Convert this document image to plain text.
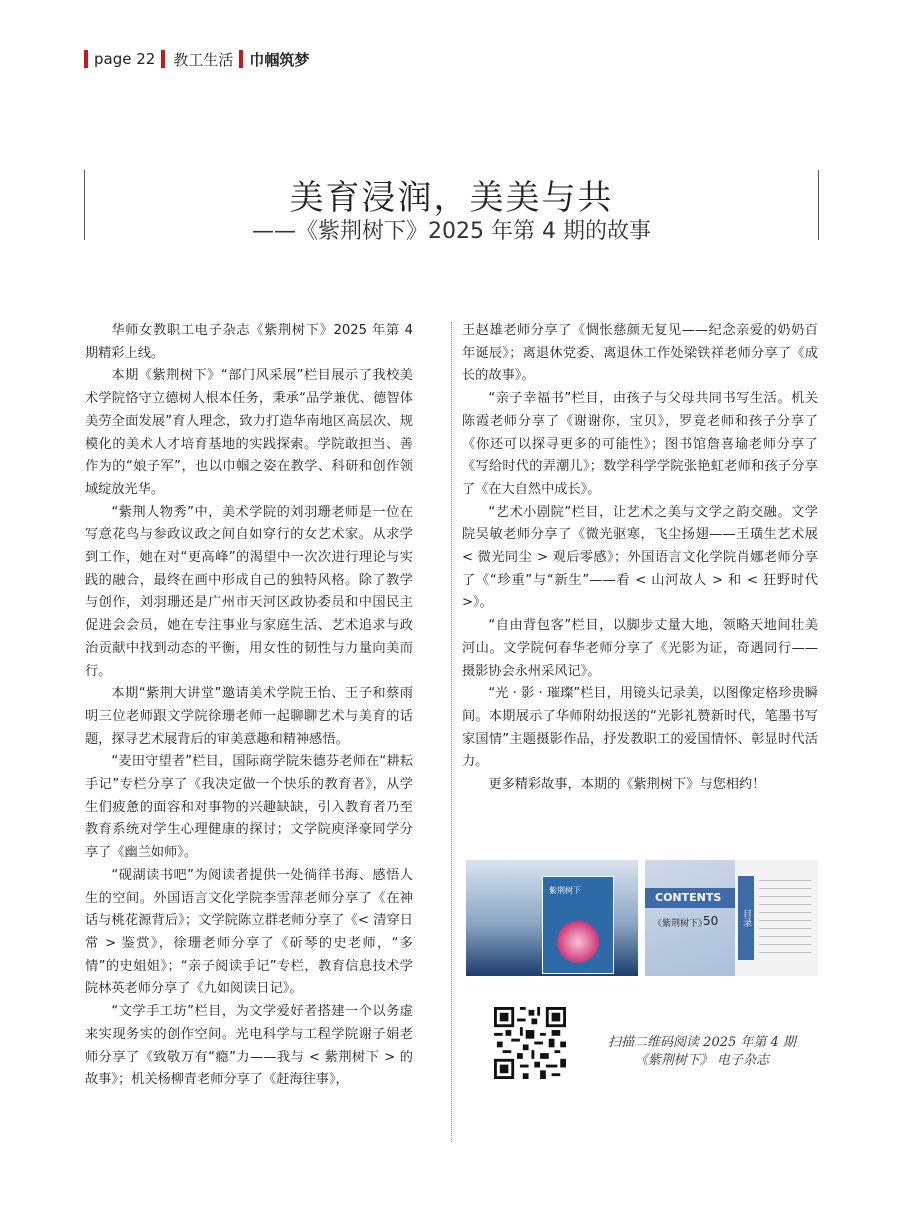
page 22 教工生活 巾帼筑梦
美育浸润，美美与共
——《紫荆树下》2025 年第 4 期的故事

华师女教职工电子杂志《紫荆树下》2025 年第 4 期精彩上线。

本期《紫荆树下》“部门风采展”栏目展示了我校美术学院恪守立德树人根本任务，秉承“品学兼优、德智体美劳全面发展”育人理念，致力打造华南地区高层次、规模化的美术人才培育基地的实践探索。学院敢担当、善作为的“娘子军”，也以巾帼之姿在教学、科研和创作领域绽放光华。

“紫荆人物秀”中，美术学院的刘羽珊老师是一位在写意花鸟与参政议政之间自如穿行的女艺术家。从求学到工作，她在对“更高峰”的渴望中一次次进行理论与实践的融合，最终在画中形成自己的独特风格。除了教学与创作，刘羽珊还是广州市天河区政协委员和中国民主促进会会员，她在专注事业与家庭生活、艺术追求与政治贡献中找到动态的平衡，用女性的韧性与力量向美而行。

本期“紫荆大讲堂”邀请美术学院王怡、王子和蔡雨明三位老师跟文学院徐珊老师一起聊聊艺术与美育的话题，探寻艺术展背后的审美意趣和精神感悟。

“麦田守望者”栏目，国际商学院朱德芬老师在“耕耘手记”专栏分享了《我决定做一个快乐的教育者》，从学生们疲惫的面容和对事物的兴趣缺缺，引入教育者乃至教育系统对学生心理健康的探讨；文学院庾泽豪同学分享了《幽兰如师》。

“砚湖读书吧”为阅读者提供一处徜徉书海、感悟人生的空间。外国语言文化学院李雪萍老师分享了《在神话与桃花源背后》；文学院陈立群老师分享了《< 清穿日常 > 鉴赏》，徐珊老师分享了《斫琴的史老师，“多情”的史姐姐》；“亲子阅读手记”专栏，教育信息技术学院林英老师分享了《九如阅读日记》。

“文学手工坊”栏目，为文学爱好者搭建一个以务虚来实现务实的创作空间。光电科学与工程学院谢子娟老师分享了《致敬万有“瘾”力——我与 < 紫荆树下 > 的故事》；机关杨柳青老师分享了《赶海往事》，

王赵雄老师分享了《惆怅慈颜无复见——纪念亲爱的奶奶百年诞辰》；离退休党委、离退休工作处梁铁祥老师分享了《成长的故事》。

“亲子幸福书”栏目，由孩子与父母共同书写生活。机关陈霞老师分享了《谢谢你，宝贝》，罗竟老师和孩子分享了《你还可以探寻更多的可能性》；图书馆詹喜瑜老师分享了《写给时代的弄潮儿》；数学科学学院张艳虹老师和孩子分享了《在大自然中成长》。

“艺术小剧院”栏目，让艺术之美与文学之韵交融。文学院吴敏老师分享了《微光驱寒，飞尘扬翅——王璜生艺术展 < 微光同尘 > 观后零感》；外国语言文化学院肖娜老师分享了《“珍重”与“新生”——看 < 山河故人 > 和 < 狂野时代 >》。

“自由背包客”栏目，以脚步丈量大地，领略天地间壮美河山。文学院何春华老师分享了《光影为证，奇遇同行——摄影协会永州采风记》。

“光 · 影 · 璀璨”栏目，用镜头记录美，以图像定格珍贵瞬间。本期展示了华师附幼报送的“光影礼赞新时代，笔墨书写家国情”主题摄影作品，抒发教职工的爱国情怀、彰显时代活力。

更多精彩故事，本期的《紫荆树下》与您相约！

紫荆树下
CONTENTS
《紫荆树下》
50	目录
扫描二维码阅读 2025 年第 4 期
《紫荆树下》 电子杂志
